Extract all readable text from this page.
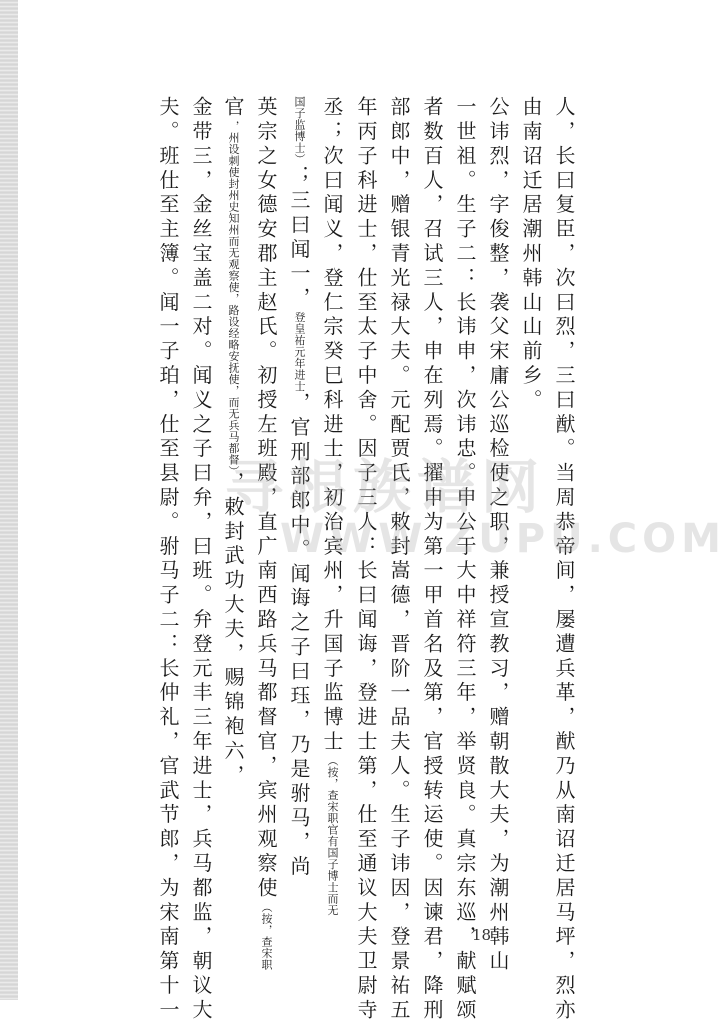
人，长曰复臣，次曰烈，三曰猷。当周恭帝间，屡遭兵革，猷乃从南诏迁居马坪，烈亦
由南诏迁居潮州韩山山前乡。
公讳烈，字俊整，袭父宋庸公巡检使之职，兼授宣教习，赠朝散大夫，为潮州韩山
一世祖。生子二：长讳申，次讳忠。申公于大中祥符三年，举贤良。真宗东巡，献赋颂
者数百人，召试三人，申在列焉。擢申为第一甲首名及第，官授转运使。因谏君，降刑
部郎中，赠银青光禄大夫。元配贾氏，敕封嵩德，晋阶一品夫人。生子讳因，登景祐五
年丙子科进士，仕至太子中舍。因子三人：长曰闻诲，登进士第，仕至通议大夫卫尉寺
丞；次曰闻义，登仁宗癸巳科进士，初治宾州，升国子监博士（按，查宋职官有国子博士而无
国子监博士）；三曰闻一，登皇祐元年进士，官刑部郎中。闻诲之子曰珏，乃是驸马，尚
英宗之女德安郡主赵氏。初授左班殿，直广南西路兵马都督官，宾州观察使（按，查宋职
官，州设刺使封州史知州而无观察使，路设经略安抚使，而无兵马都督），敕封武功大夫，赐锦袍六，
金带三，金丝宝盖二对。闻义之子曰弁，曰班。弁登元丰三年进士，兵马都监，朝议大
夫。班仕至主簿。闻一子珀，仕至县尉。驸马子二：长仲礼，官武节郎，为宋南第十一 寻根族谱网
WWW.ZUPU.COM
18
